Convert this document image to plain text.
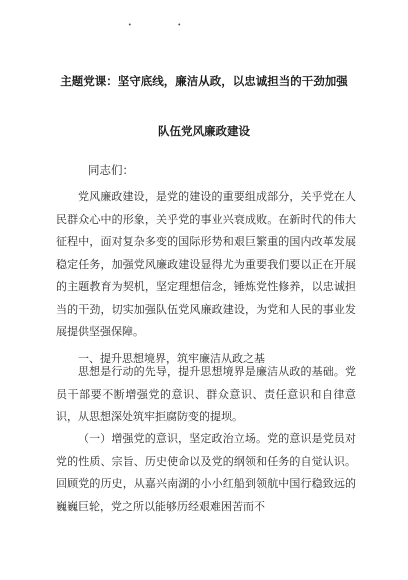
• •
主题党课：坚守底线，廉洁从政，以忠诚担当的干劲加强
队伍党风廉政建设
同志们：

党风廉政建设，是党的建设的重要组成部分，关乎党在人民群众心中的形象，关乎党的事业兴衰成败。在新时代的伟大征程中，面对复杂多变的国际形势和艰巨繁重的国内改革发展稳定任务，加强党风廉政建设显得尤为重要我们要以正在开展的主题教育为契机，坚定理想信念，锤炼党性修养，以忠诚担当的干劲，切实加强队伍党风廉政建设，为党和人民的事业发展提供坚强保障。

一、提升思想境界，筑牢廉洁从政之基

思想是行动的先导，提升思想境界是廉洁从政的基础。党员干部要不断增强党的意识、群众意识、责任意识和自律意识，从思想深处筑牢拒腐防变的提坝。

（一）增强党的意识，坚定政治立场。党的意识是党员对党的性质、宗旨、历史使命以及党的纲领和任务的自觉认识。回顾党的历史，从嘉兴南湖的小小红船到领航中国行稳致远的巍巍巨轮，党之所以能够历经艰难困苦而不
